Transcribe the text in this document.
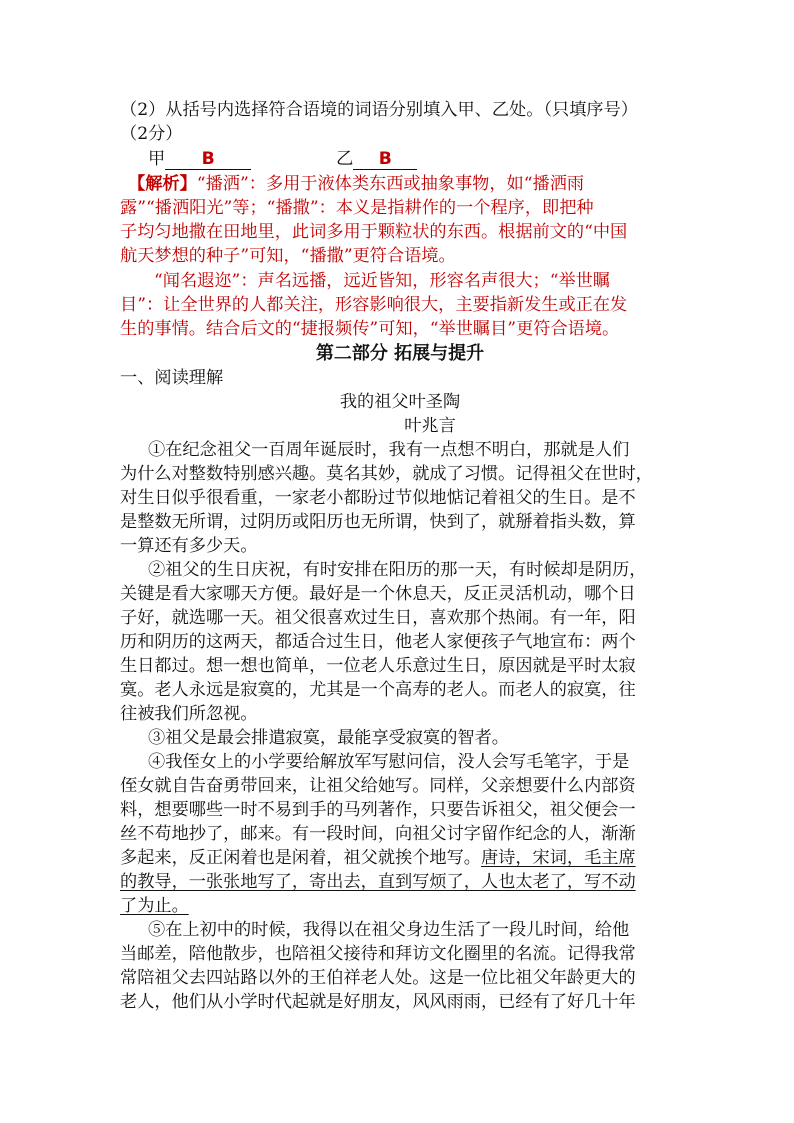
（2）从括号内选择符合语境的词语分别填入甲、乙处。（只填序号）
（2分）
甲 B	乙 B
【解析】“播洒”：多用于液体类东西或抽象事物，如“播洒雨
露”“播洒阳光”等；“播撒”：本义是指耕作的一个程序，即把种
子均匀地撒在田地里，此词多用于颗粒状的东西。根据前文的“中国
航天梦想的种子”可知，“播撒”更符合语境。
“闻名遐迩”：声名远播，远近皆知，形容名声很大；“举世瞩
目”：让全世界的人都关注，形容影响很大，主要指新发生或正在发
生的事情。结合后文的“捷报频传”可知，“举世瞩目”更符合语境。
第二部分 拓展与提升
一、阅读理解
我的祖父叶圣陶
叶兆言
①在纪念祖父一百周年诞辰时，我有一点想不明白，那就是人们
为什么对整数特别感兴趣。莫名其妙，就成了习惯。记得祖父在世时，
对生日似乎很看重，一家老小都盼过节似地惦记着祖父的生日。是不
是整数无所谓，过阴历或阳历也无所谓，快到了，就掰着指头数，算
一算还有多少天。
②祖父的生日庆祝，有时安排在阳历的那一天，有时候却是阴历，
关键是看大家哪天方便。最好是一个休息天，反正灵活机动，哪个日
子好，就选哪一天。祖父很喜欢过生日，喜欢那个热闹。有一年，阳
历和阴历的这两天，都适合过生日，他老人家便孩子气地宣布：两个
生日都过。想一想也简单，一位老人乐意过生日，原因就是平时太寂
寞。老人永远是寂寞的，尤其是一个高寿的老人。而老人的寂寞，往
往被我们所忽视。
③祖父是最会排遣寂寞，最能享受寂寞的智者。
④我侄女上的小学要给解放军写慰问信，没人会写毛笔字，于是
侄女就自告奋勇带回来，让祖父给她写。同样，父亲想要什么内部资
料，想要哪些一时不易到手的马列著作，只要告诉祖父，祖父便会一
丝不苟地抄了，邮来。有一段时间，向祖父讨字留作纪念的人，渐渐
多起来，反正闲着也是闲着，祖父就挨个地写。唐诗，宋词，毛主席
的教导，一张张地写了，寄出去，直到写烦了，人也太老了，写不动
了为止。
⑤在上初中的时候，我得以在祖父身边生活了一段儿时间，给他
当邮差，陪他散步，也陪祖父接待和拜访文化圈里的名流。记得我常
常陪祖父去四站路以外的王伯祥老人处。这是一位比祖父年龄更大的
老人，他们从小学时代起就是好朋友，风风雨雨，已经有了好几十年
